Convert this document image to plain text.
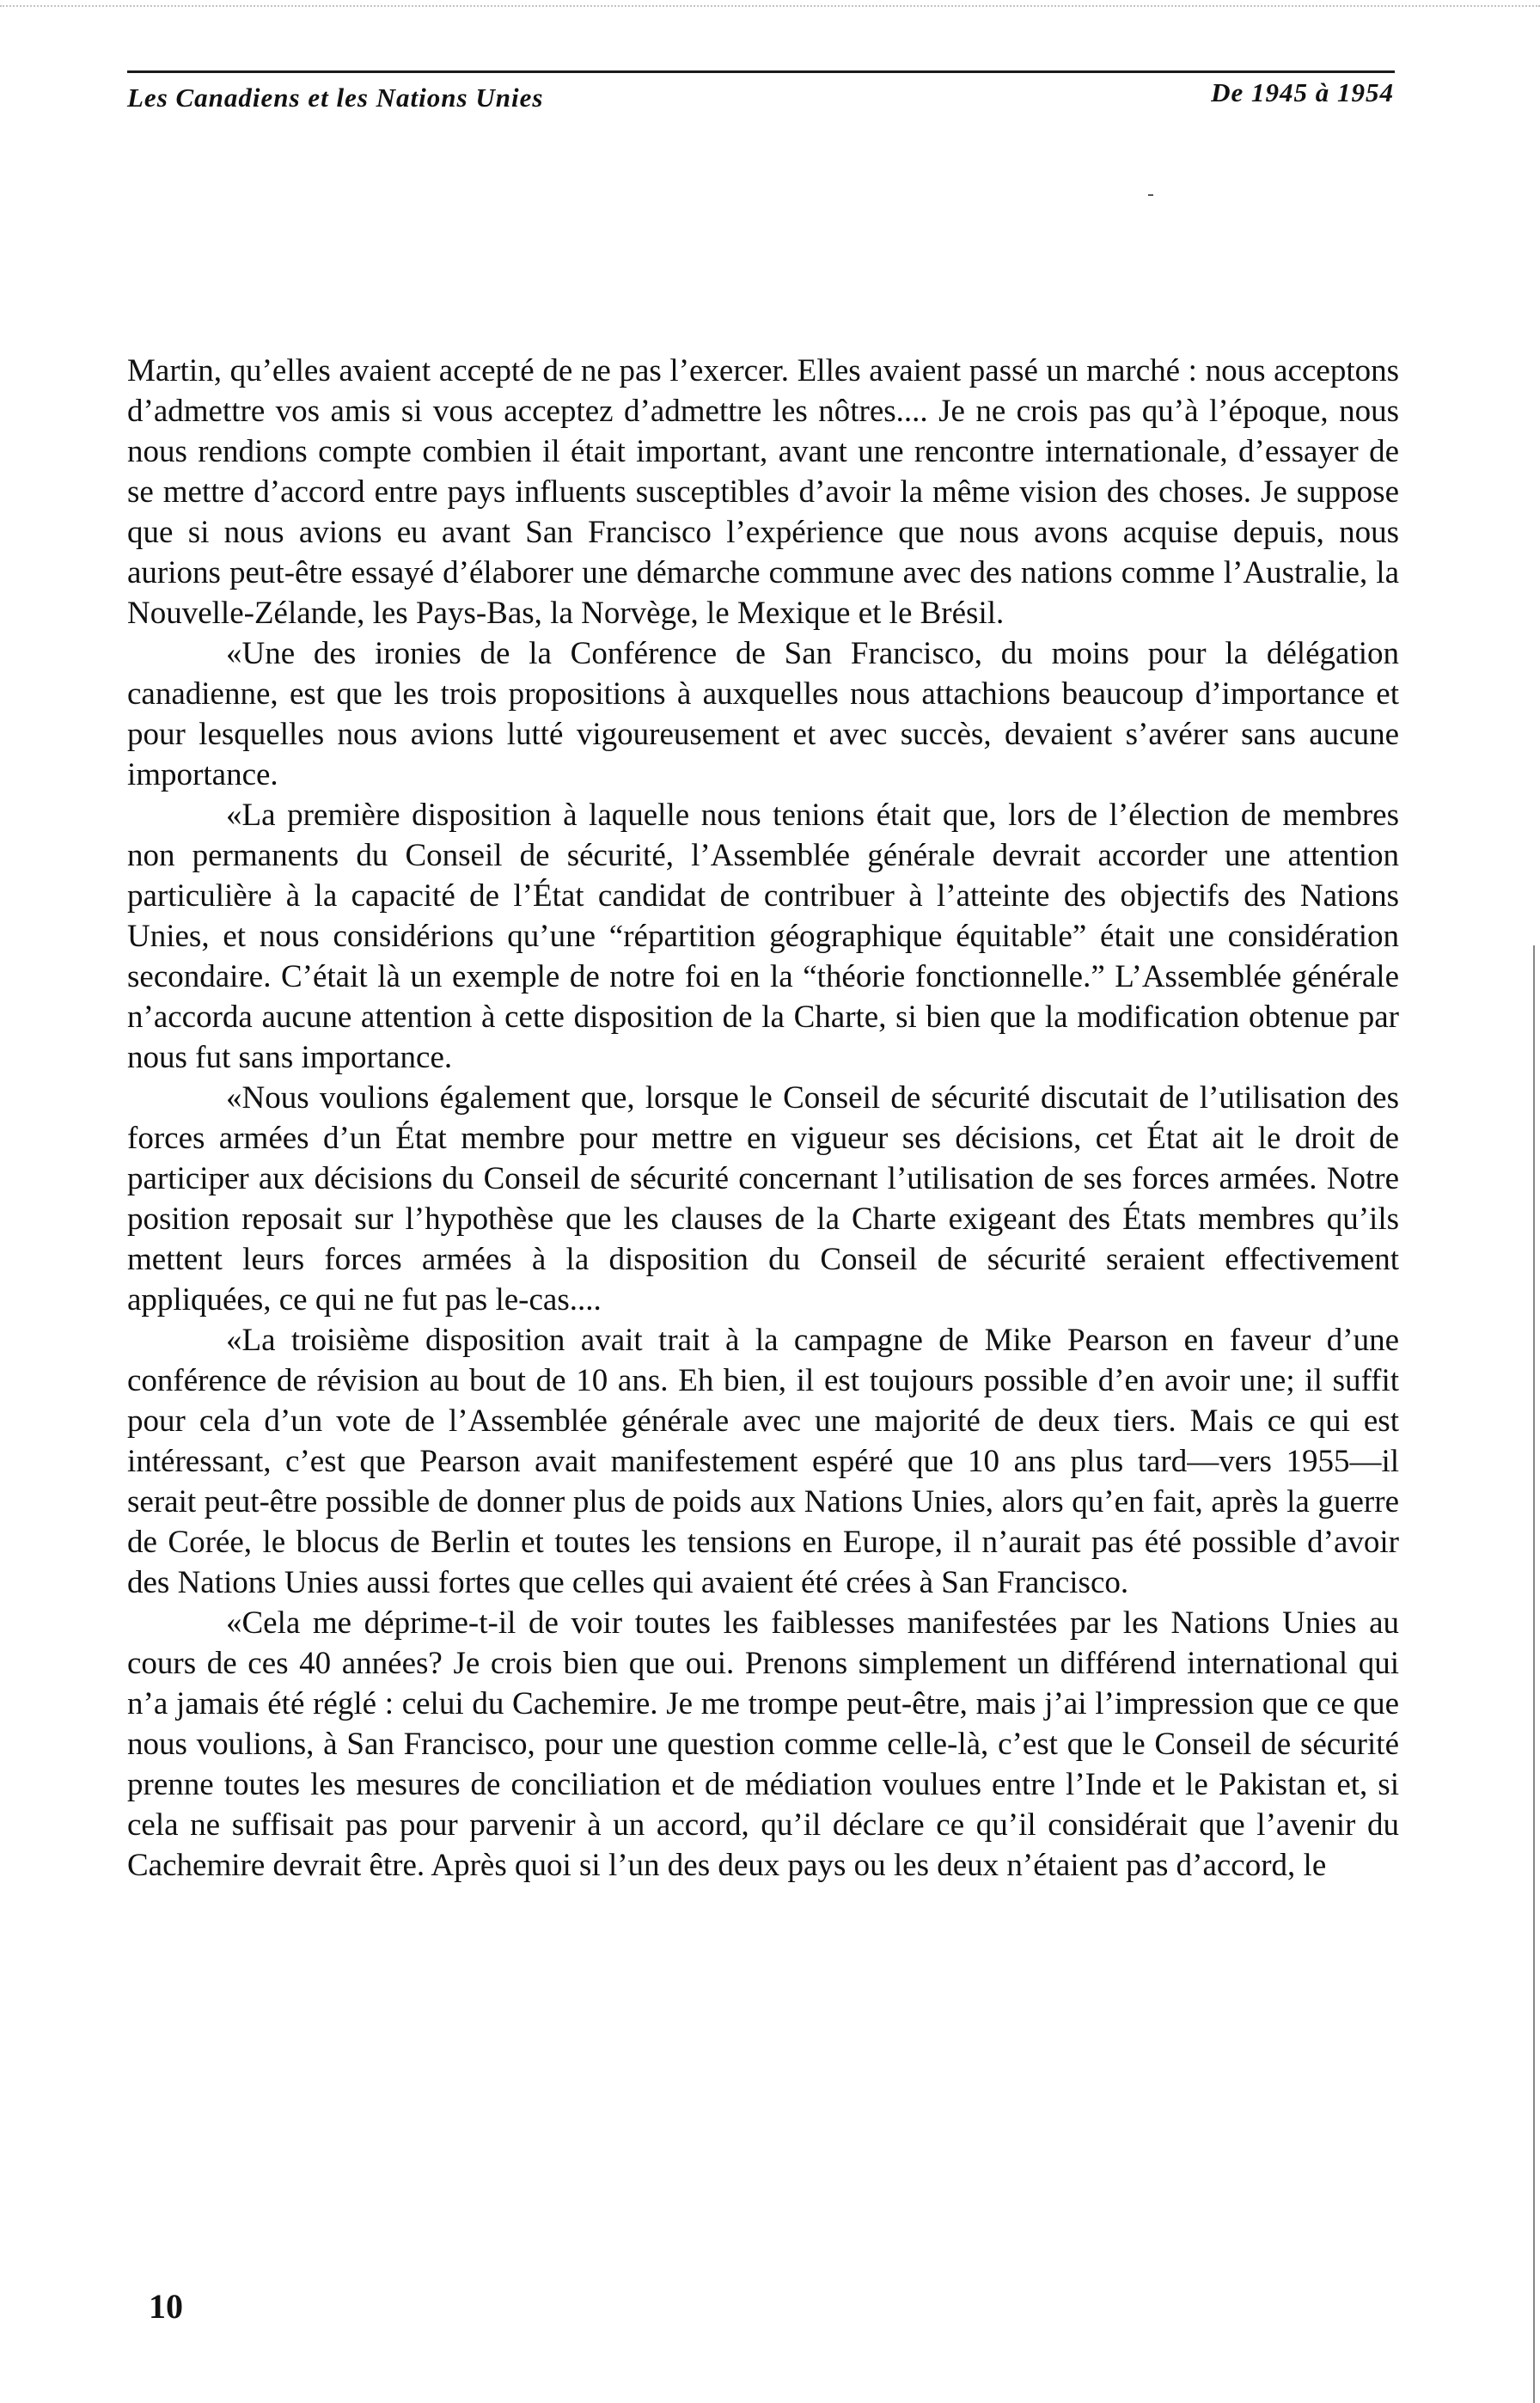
Les Canadiens et les Nations Unies	De 1945 à 1954

Martin, qu’elles avaient accepté de ne pas l’exercer. Elles avaient passé un marché : nous acceptons d’admettre vos amis si vous acceptez d’admettre les nôtres.... Je ne crois pas qu’à l’époque, nous nous rendions compte combien il était important, avant une rencontre internationale, d’essayer de se mettre d’accord entre pays influents susceptibles d’avoir la même vision des choses. Je suppose que si nous avions eu avant San Francisco l’expérience que nous avons acquise depuis, nous aurions peut-être essayé d’élaborer une démarche commune avec des nations comme l’Australie, la Nouvelle-Zélande, les Pays-Bas, la Norvège, le Mexique et le Brésil.

«Une des ironies de la Conférence de San Francisco, du moins pour la délégation canadienne, est que les trois propositions à auxquelles nous attachions beaucoup d’importance et pour lesquelles nous avions lutté vigoureusement et avec succès, devaient s’avérer sans aucune importance.

«La première disposition à laquelle nous tenions était que, lors de l’élection de membres non permanents du Conseil de sécurité, l’Assemblée générale devrait accorder une attention particulière à la capacité de l’État candidat de contribuer à l’atteinte des objectifs des Nations Unies, et nous considérions qu’une “répartition géographique équitable” était une considération secondaire. C’était là un exemple de notre foi en la “théorie fonctionnelle.” L’Assemblée générale n’accorda aucune attention à cette disposition de la Charte, si bien que la modification obtenue par nous fut sans importance.

«Nous voulions également que, lorsque le Conseil de sécurité discutait de l’utilisation des forces armées d’un État membre pour mettre en vigueur ses décisions, cet État ait le droit de participer aux décisions du Conseil de sécurité concernant l’utilisation de ses forces armées. Notre position reposait sur l’hypothèse que les clauses de la Charte exigeant des États membres qu’ils mettent leurs forces armées à la disposition du Conseil de sécurité seraient effectivement appliquées, ce qui ne fut pas le-cas....

«La troisième disposition avait trait à la campagne de Mike Pearson en faveur d’une conférence de révision au bout de 10 ans. Eh bien, il est toujours possible d’en avoir une; il suffit pour cela d’un vote de l’Assemblée générale avec une majorité de deux tiers. Mais ce qui est intéressant, c’est que Pearson avait manifestement espéré que 10 ans plus tard—vers 1955—il serait peut-être possible de donner plus de poids aux Nations Unies, alors qu’en fait, après la guerre de Corée, le blocus de Berlin et toutes les tensions en Europe, il n’aurait pas été possible d’avoir des Nations Unies aussi fortes que celles qui avaient été crées à San Francisco.

«Cela me déprime-t-il de voir toutes les faiblesses manifestées par les Nations Unies au cours de ces 40 années? Je crois bien que oui. Prenons simplement un différend international qui n’a jamais été réglé : celui du Cachemire. Je me trompe peut-être, mais j’ai l’impression que ce que nous voulions, à San Francisco, pour une question comme celle-là, c’est que le Conseil de sécurité prenne toutes les mesures de conciliation et de médiation voulues entre l’Inde et le Pakistan et, si cela ne suffisait pas pour parvenir à un accord, qu’il déclare ce qu’il considérait que l’avenir du Cachemire devrait être. Après quoi si l’un des deux pays ou les deux n’étaient pas d’accord, le

10
